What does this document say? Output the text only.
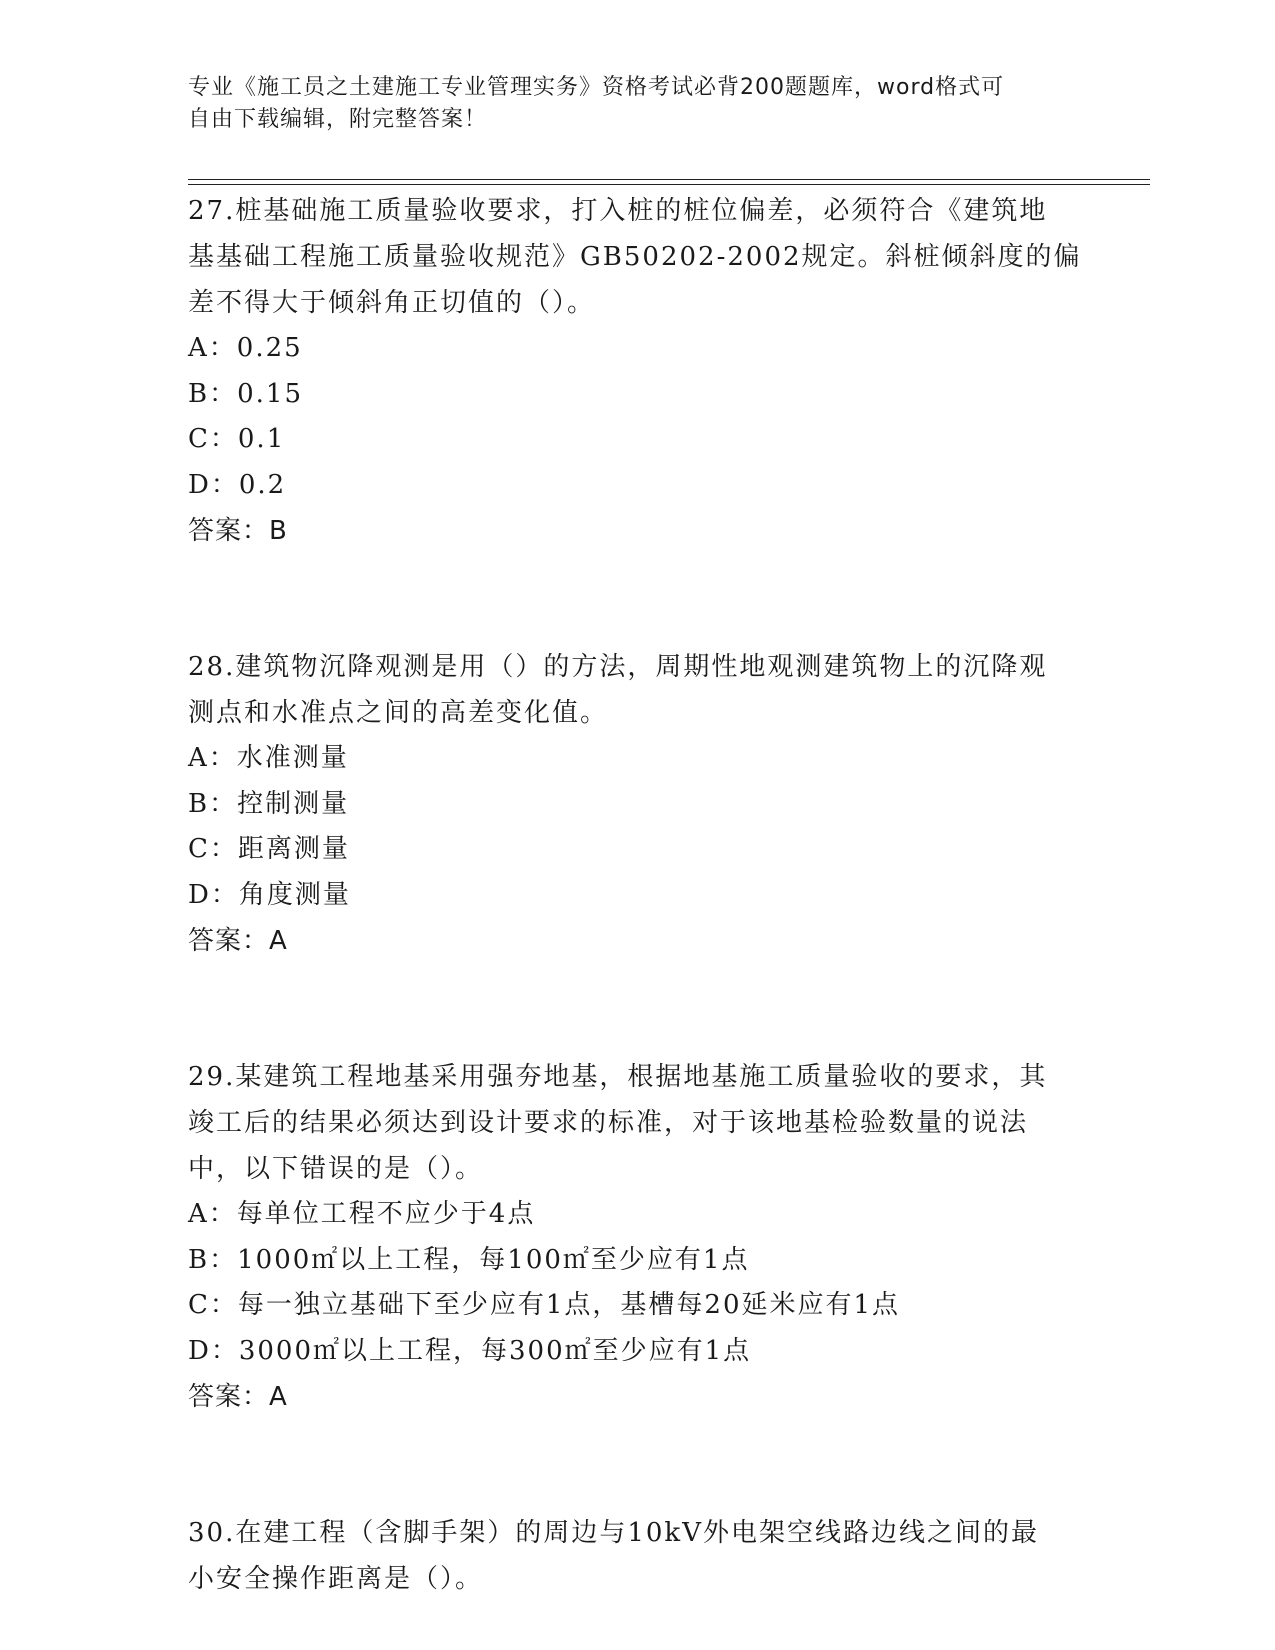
专业《施工员之土建施工专业管理实务》资格考试必背200题题库，word格式可
自由下载编辑，附完整答案！

27.桩基础施工质量验收要求，打入桩的桩位偏差，必须符合《建筑地

基基础工程施工质量验收规范》GB50202-2002规定。斜桩倾斜度的偏

差不得大于倾斜角正切值的（）。

A：0.25

B：0.15

C：0.1

D：0.2

答案：B

28.建筑物沉降观测是用（）的方法，周期性地观测建筑物上的沉降观

测点和水准点之间的高差变化值。

A：水准测量

B：控制测量

C：距离测量

D：角度测量

答案：A

29.某建筑工程地基采用强夯地基，根据地基施工质量验收的要求，其

竣工后的结果必须达到设计要求的标准，对于该地基检验数量的说法

中，以下错误的是（）。

A：每单位工程不应少于4点

B：1000㎡以上工程，每100㎡至少应有1点

C：每一独立基础下至少应有1点，基槽每20延米应有1点

D：3000㎡以上工程，每300㎡至少应有1点

答案：A

30.在建工程（含脚手架）的周边与10kV外电架空线路边线之间的最

小安全操作距离是（）。
